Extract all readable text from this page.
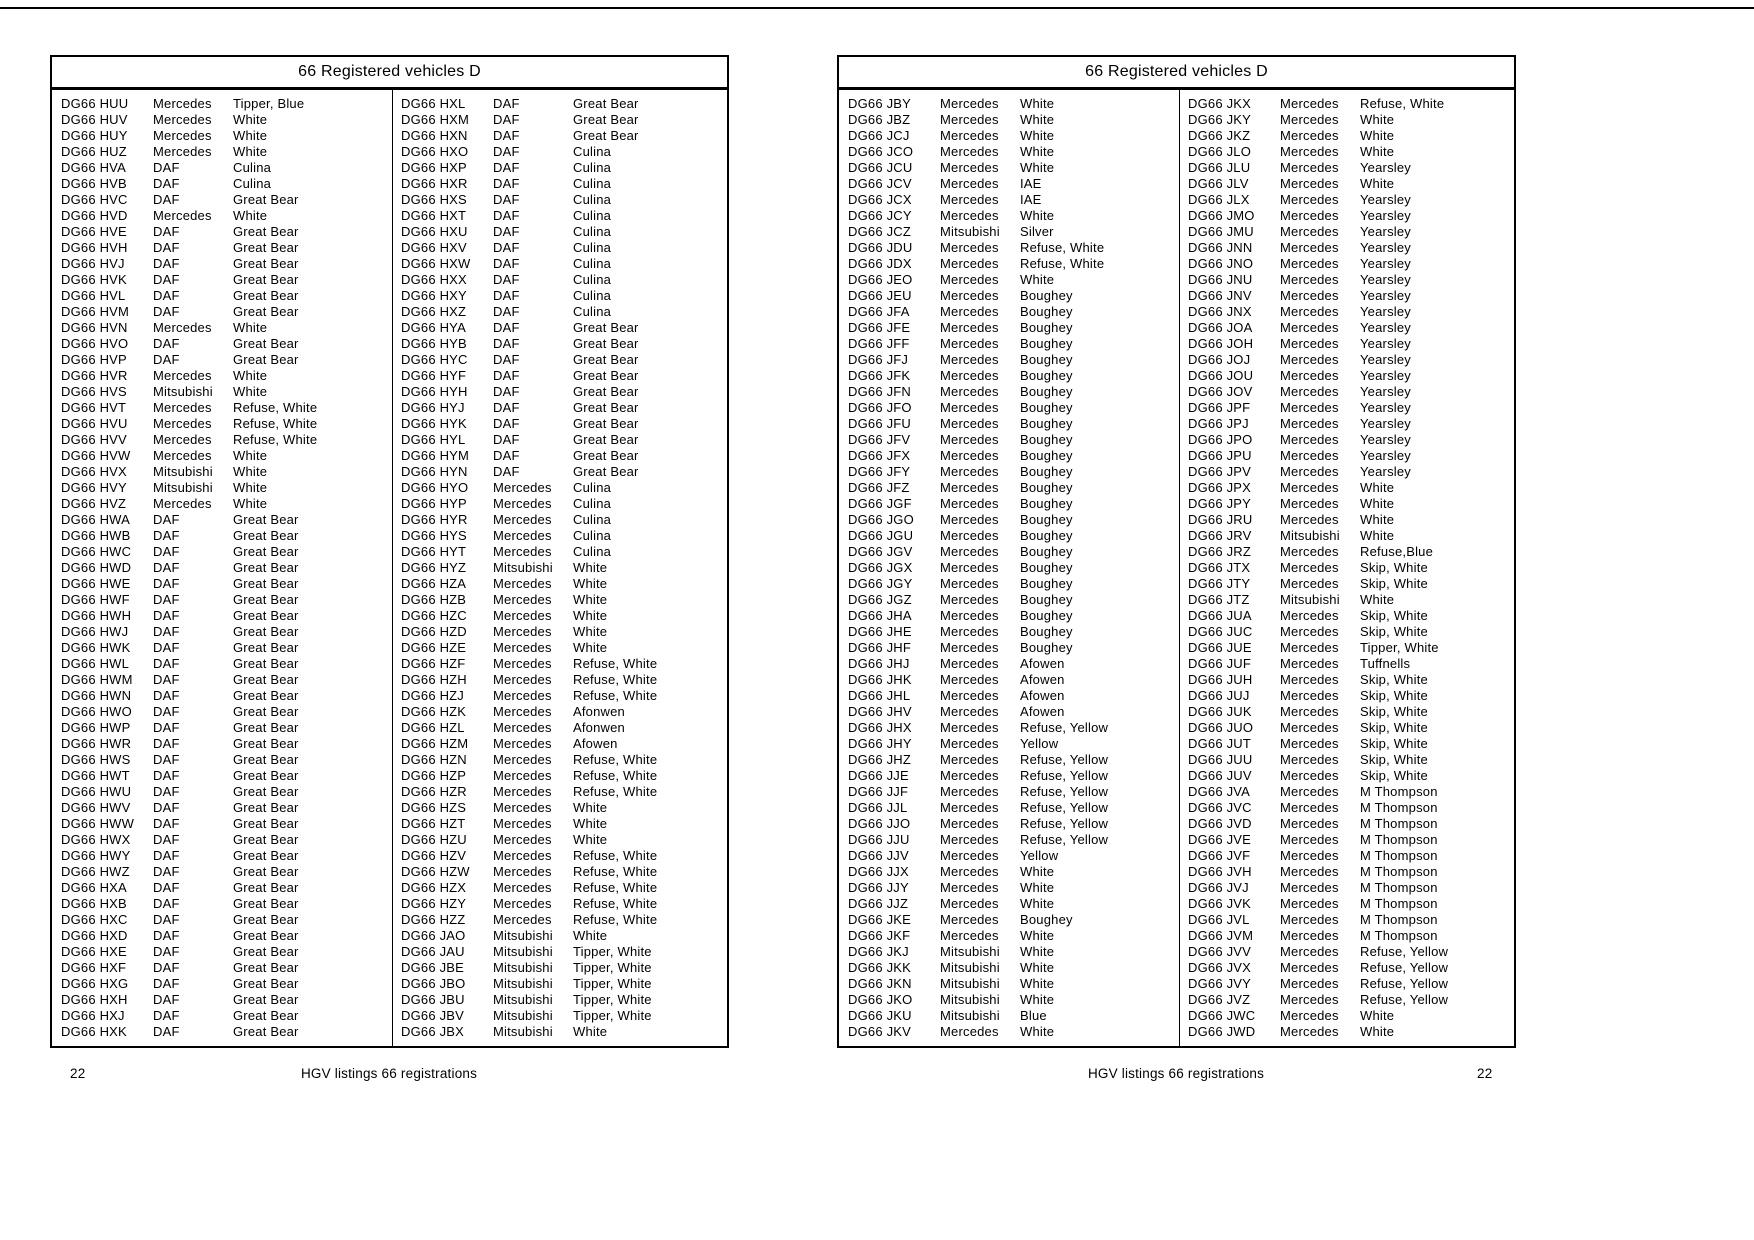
66 Registered vehicles D
DG66 HUU	Mercedes	Tipper, Blue
DG66 HUV	Mercedes	White
DG66 HUY	Mercedes	White
DG66 HUZ	Mercedes	White
DG66 HVA	DAF	Culina
DG66 HVB	DAF	Culina
DG66 HVC	DAF	Great Bear
DG66 HVD	Mercedes	White
DG66 HVE	DAF	Great Bear
DG66 HVH	DAF	Great Bear
DG66 HVJ	DAF	Great Bear
DG66 HVK	DAF	Great Bear
DG66 HVL	DAF	Great Bear
DG66 HVM	DAF	Great Bear
DG66 HVN	Mercedes	White
DG66 HVO	DAF	Great Bear
DG66 HVP	DAF	Great Bear
DG66 HVR	Mercedes	White
DG66 HVS	Mitsubishi	White
DG66 HVT	Mercedes	Refuse, White
DG66 HVU	Mercedes	Refuse, White
DG66 HVV	Mercedes	Refuse, White
DG66 HVW	Mercedes	White
DG66 HVX	Mitsubishi	White
DG66 HVY	Mitsubishi	White
DG66 HVZ	Mercedes	White
DG66 HWA	DAF	Great Bear
DG66 HWB	DAF	Great Bear
DG66 HWC	DAF	Great Bear
DG66 HWD	DAF	Great Bear
DG66 HWE	DAF	Great Bear
DG66 HWF	DAF	Great Bear
DG66 HWH	DAF	Great Bear
DG66 HWJ	DAF	Great Bear
DG66 HWK	DAF	Great Bear
DG66 HWL	DAF	Great Bear
DG66 HWM	DAF	Great Bear
DG66 HWN	DAF	Great Bear
DG66 HWO	DAF	Great Bear
DG66 HWP	DAF	Great Bear
DG66 HWR	DAF	Great Bear
DG66 HWS	DAF	Great Bear
DG66 HWT	DAF	Great Bear
DG66 HWU	DAF	Great Bear
DG66 HWV	DAF	Great Bear
DG66 HWW	DAF	Great Bear
DG66 HWX	DAF	Great Bear
DG66 HWY	DAF	Great Bear
DG66 HWZ	DAF	Great Bear
DG66 HXA	DAF	Great Bear
DG66 HXB	DAF	Great Bear
DG66 HXC	DAF	Great Bear
DG66 HXD	DAF	Great Bear
DG66 HXE	DAF	Great Bear
DG66 HXF	DAF	Great Bear
DG66 HXG	DAF	Great Bear
DG66 HXH	DAF	Great Bear
DG66 HXJ	DAF	Great Bear
DG66 HXK	DAF	Great Bear
DG66 HXL	DAF	Great Bear
DG66 HXM	DAF	Great Bear
DG66 HXN	DAF	Great Bear
DG66 HXO	DAF	Culina
DG66 HXP	DAF	Culina
DG66 HXR	DAF	Culina
DG66 HXS	DAF	Culina
DG66 HXT	DAF	Culina
DG66 HXU	DAF	Culina
DG66 HXV	DAF	Culina
DG66 HXW	DAF	Culina
DG66 HXX	DAF	Culina
DG66 HXY	DAF	Culina
DG66 HXZ	DAF	Culina
DG66 HYA	DAF	Great Bear
DG66 HYB	DAF	Great Bear
DG66 HYC	DAF	Great Bear
DG66 HYF	DAF	Great Bear
DG66 HYH	DAF	Great Bear
DG66 HYJ	DAF	Great Bear
DG66 HYK	DAF	Great Bear
DG66 HYL	DAF	Great Bear
DG66 HYM	DAF	Great Bear
DG66 HYN	DAF	Great Bear
DG66 HYO	Mercedes	Culina
DG66 HYP	Mercedes	Culina
DG66 HYR	Mercedes	Culina
DG66 HYS	Mercedes	Culina
DG66 HYT	Mercedes	Culina
DG66 HYZ	Mitsubishi	White
DG66 HZA	Mercedes	White
DG66 HZB	Mercedes	White
DG66 HZC	Mercedes	White
DG66 HZD	Mercedes	White
DG66 HZE	Mercedes	White
DG66 HZF	Mercedes	Refuse, White
DG66 HZH	Mercedes	Refuse, White
DG66 HZJ	Mercedes	Refuse, White
DG66 HZK	Mercedes	Afonwen
DG66 HZL	Mercedes	Afonwen
DG66 HZM	Mercedes	Afowen
DG66 HZN	Mercedes	Refuse, White
DG66 HZP	Mercedes	Refuse, White
DG66 HZR	Mercedes	Refuse, White
DG66 HZS	Mercedes	White
DG66 HZT	Mercedes	White
DG66 HZU	Mercedes	White
DG66 HZV	Mercedes	Refuse, White
DG66 HZW	Mercedes	Refuse, White
DG66 HZX	Mercedes	Refuse, White
DG66 HZY	Mercedes	Refuse, White
DG66 HZZ	Mercedes	Refuse, White
DG66 JAO	Mitsubishi	White
DG66 JAU	Mitsubishi	Tipper, White
DG66 JBE	Mitsubishi	Tipper, White
DG66 JBO	Mitsubishi	Tipper, White
DG66 JBU	Mitsubishi	Tipper, White
DG66 JBV	Mitsubishi	Tipper, White
DG66 JBX	Mitsubishi	White
66 Registered vehicles D
DG66 JBY	Mercedes	White
DG66 JBZ	Mercedes	White
DG66 JCJ	Mercedes	White
DG66 JCO	Mercedes	White
DG66 JCU	Mercedes	White
DG66 JCV	Mercedes	IAE
DG66 JCX	Mercedes	IAE
DG66 JCY	Mercedes	White
DG66 JCZ	Mitsubishi	Silver
DG66 JDU	Mercedes	Refuse, White
DG66 JDX	Mercedes	Refuse, White
DG66 JEO	Mercedes	White
DG66 JEU	Mercedes	Boughey
DG66 JFA	Mercedes	Boughey
DG66 JFE	Mercedes	Boughey
DG66 JFF	Mercedes	Boughey
DG66 JFJ	Mercedes	Boughey
DG66 JFK	Mercedes	Boughey
DG66 JFN	Mercedes	Boughey
DG66 JFO	Mercedes	Boughey
DG66 JFU	Mercedes	Boughey
DG66 JFV	Mercedes	Boughey
DG66 JFX	Mercedes	Boughey
DG66 JFY	Mercedes	Boughey
DG66 JFZ	Mercedes	Boughey
DG66 JGF	Mercedes	Boughey
DG66 JGO	Mercedes	Boughey
DG66 JGU	Mercedes	Boughey
DG66 JGV	Mercedes	Boughey
DG66 JGX	Mercedes	Boughey
DG66 JGY	Mercedes	Boughey
DG66 JGZ	Mercedes	Boughey
DG66 JHA	Mercedes	Boughey
DG66 JHE	Mercedes	Boughey
DG66 JHF	Mercedes	Boughey
DG66 JHJ	Mercedes	Afowen
DG66 JHK	Mercedes	Afowen
DG66 JHL	Mercedes	Afowen
DG66 JHV	Mercedes	Afowen
DG66 JHX	Mercedes	Refuse, Yellow
DG66 JHY	Mercedes	Yellow
DG66 JHZ	Mercedes	Refuse, Yellow
DG66 JJE	Mercedes	Refuse, Yellow
DG66 JJF	Mercedes	Refuse, Yellow
DG66 JJL	Mercedes	Refuse, Yellow
DG66 JJO	Mercedes	Refuse, Yellow
DG66 JJU	Mercedes	Refuse, Yellow
DG66 JJV	Mercedes	Yellow
DG66 JJX	Mercedes	White
DG66 JJY	Mercedes	White
DG66 JJZ	Mercedes	White
DG66 JKE	Mercedes	Boughey
DG66 JKF	Mercedes	White
DG66 JKJ	Mitsubishi	White
DG66 JKK	Mitsubishi	White
DG66 JKN	Mitsubishi	White
DG66 JKO	Mitsubishi	White
DG66 JKU	Mitsubishi	Blue
DG66 JKV	Mercedes	White
DG66 JKX	Mercedes	Refuse, White
DG66 JKY	Mercedes	White
DG66 JKZ	Mercedes	White
DG66 JLO	Mercedes	White
DG66 JLU	Mercedes	Yearsley
DG66 JLV	Mercedes	White
DG66 JLX	Mercedes	Yearsley
DG66 JMO	Mercedes	Yearsley
DG66 JMU	Mercedes	Yearsley
DG66 JNN	Mercedes	Yearsley
DG66 JNO	Mercedes	Yearsley
DG66 JNU	Mercedes	Yearsley
DG66 JNV	Mercedes	Yearsley
DG66 JNX	Mercedes	Yearsley
DG66 JOA	Mercedes	Yearsley
DG66 JOH	Mercedes	Yearsley
DG66 JOJ	Mercedes	Yearsley
DG66 JOU	Mercedes	Yearsley
DG66 JOV	Mercedes	Yearsley
DG66 JPF	Mercedes	Yearsley
DG66 JPJ	Mercedes	Yearsley
DG66 JPO	Mercedes	Yearsley
DG66 JPU	Mercedes	Yearsley
DG66 JPV	Mercedes	Yearsley
DG66 JPX	Mercedes	White
DG66 JPY	Mercedes	White
DG66 JRU	Mercedes	White
DG66 JRV	Mitsubishi	White
DG66 JRZ	Mercedes	Refuse,Blue
DG66 JTX	Mercedes	Skip, White
DG66 JTY	Mercedes	Skip, White
DG66 JTZ	Mitsubishi	White
DG66 JUA	Mercedes	Skip, White
DG66 JUC	Mercedes	Skip, White
DG66 JUE	Mercedes	Tipper, White
DG66 JUF	Mercedes	Tuffnells
DG66 JUH	Mercedes	Skip, White
DG66 JUJ	Mercedes	Skip, White
DG66 JUK	Mercedes	Skip, White
DG66 JUO	Mercedes	Skip, White
DG66 JUT	Mercedes	Skip, White
DG66 JUU	Mercedes	Skip, White
DG66 JUV	Mercedes	Skip, White
DG66 JVA	Mercedes	M Thompson
DG66 JVC	Mercedes	M Thompson
DG66 JVD	Mercedes	M Thompson
DG66 JVE	Mercedes	M Thompson
DG66 JVF	Mercedes	M Thompson
DG66 JVH	Mercedes	M Thompson
DG66 JVJ	Mercedes	M Thompson
DG66 JVK	Mercedes	M Thompson
DG66 JVL	Mercedes	M Thompson
DG66 JVM	Mercedes	M Thompson
DG66 JVV	Mercedes	Refuse, Yellow
DG66 JVX	Mercedes	Refuse, Yellow
DG66 JVY	Mercedes	Refuse, Yellow
DG66 JVZ	Mercedes	Refuse, Yellow
DG66 JWC	Mercedes	White
DG66 JWD	Mercedes	White
22	HGV listings 66 registrations	HGV listings 66 registrations	22
